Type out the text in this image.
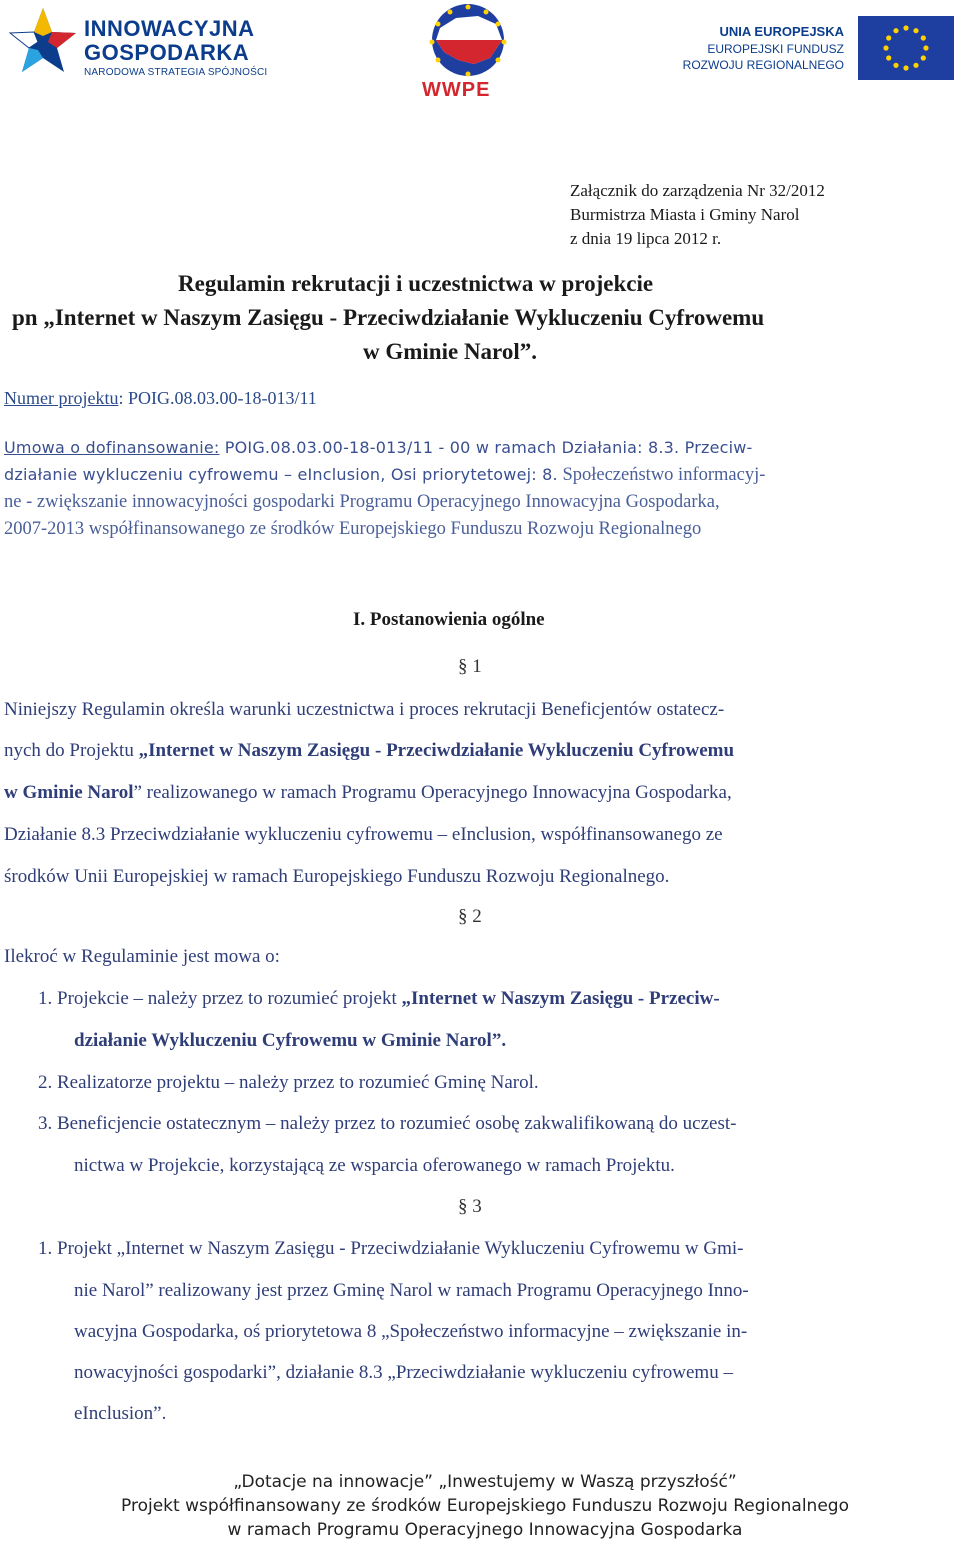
INNOWACYJNA
GOSPODARKA
NARODOWA STRATEGIA SPÓJNOŚCI
WWPE
UNIA EUROPEJSKA
EUROPEJSKI FUNDUSZ
ROZWOJU REGIONALNEGO
Załącznik do zarządzenia Nr 32/2012
Burmistrza Miasta i Gminy Narol
z dnia 19 lipca 2012 r.
Regulamin rekrutacji i uczestnictwa w projekcie
pn „Internet w Naszym Zasięgu - Przeciwdziałanie Wykluczeniu Cyfrowemu
w Gminie Narol”.
Numer projektu: POIG.08.03.00-18-013/11
Umowa o dofinansowanie: POIG.08.03.00-18-013/11 - 00 w ramach Działania: 8.3. Przeciw-
działanie wykluczeniu cyfrowemu – eInclusion, Osi priorytetowej: 8. Społeczeństwo informacyj-
ne - zwiększanie innowacyjności gospodarki Programu Operacyjnego Innowacyjna Gospodarka,
2007-2013 współfinansowanego ze środków Europejskiego Funduszu Rozwoju Regionalnego
I. Postanowienia ogólne
§ 1
Niniejszy Regulamin określa warunki uczestnictwa i proces rekrutacji Beneficjentów ostatecz-
nych do Projektu „Internet w Naszym Zasięgu - Przeciwdziałanie Wykluczeniu Cyfrowemu
w Gminie Narol” realizowanego w ramach Programu Operacyjnego Innowacyjna Gospodarka,
Działanie 8.3 Przeciwdziałanie wykluczeniu cyfrowemu – eInclusion, współfinansowanego ze
środków Unii Europejskiej w ramach Europejskiego Funduszu Rozwoju Regionalnego.
§ 2
Ilekroć w Regulaminie jest mowa o:
1. Projekcie – należy przez to rozumieć projekt „Internet w Naszym Zasięgu - Przeciw-
działanie Wykluczeniu Cyfrowemu w Gminie Narol”.
2. Realizatorze projektu – należy przez to rozumieć Gminę Narol.
3. Beneficjencie ostatecznym – należy przez to rozumieć osobę zakwalifikowaną do uczest-
nictwa w Projekcie, korzystającą ze wsparcia oferowanego w ramach Projektu.
§ 3
1. Projekt „Internet w Naszym Zasięgu - Przeciwdziałanie Wykluczeniu Cyfrowemu w Gmi-
nie Narol” realizowany jest przez Gminę Narol w ramach Programu Operacyjnego Inno-
wacyjna Gospodarka, oś priorytetowa 8 „Społeczeństwo informacyjne – zwiększanie in-
nowacyjności gospodarki”, działanie 8.3 „Przeciwdziałanie wykluczeniu cyfrowemu –
eInclusion”.
„Dotacje na innowacje” „Inwestujemy w Waszą przyszłość”
Projekt współfinansowany ze środków Europejskiego Funduszu Rozwoju Regionalnego
w ramach Programu Operacyjnego Innowacyjna Gospodarka
